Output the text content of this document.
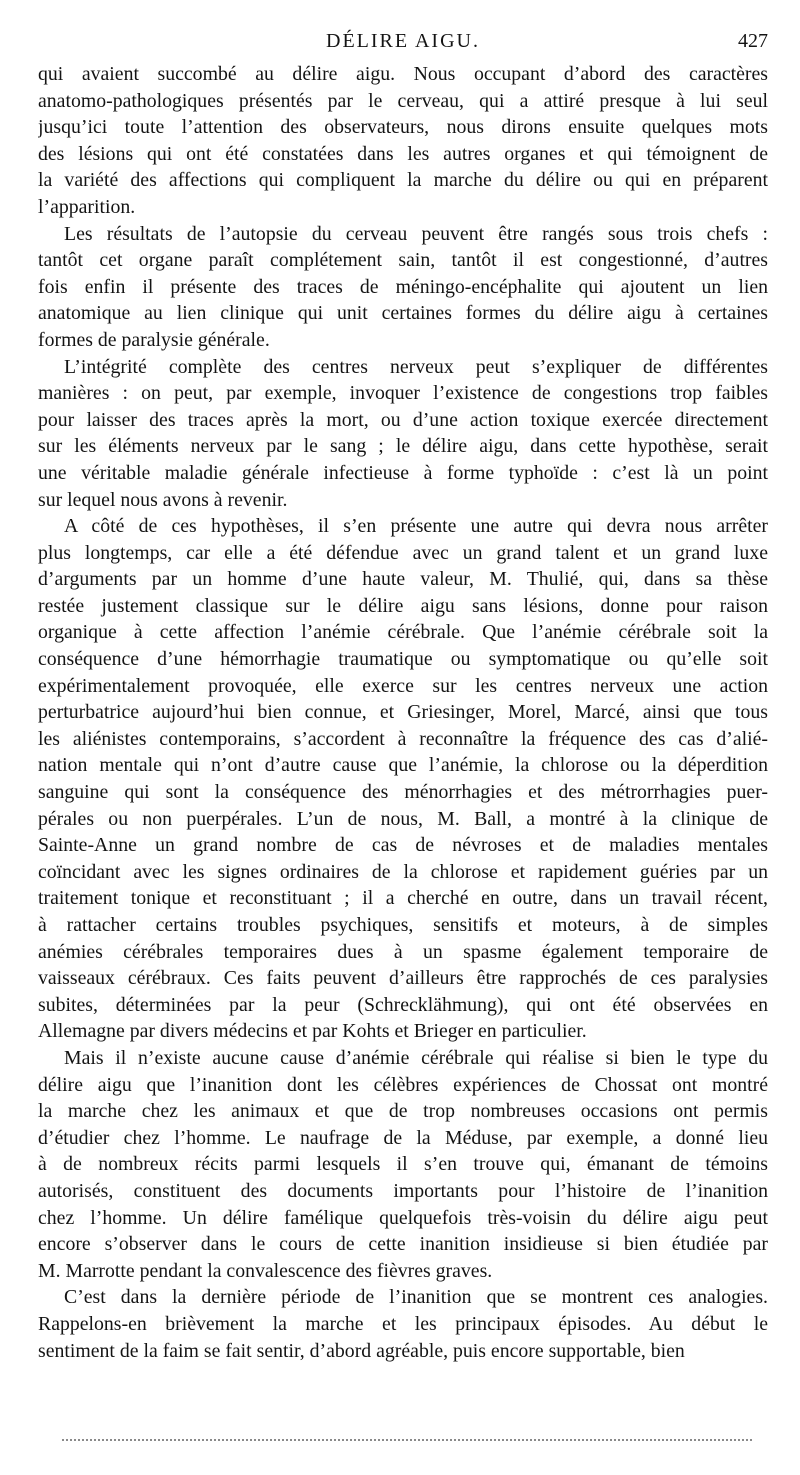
DÉLIRE AIGU.	427
qui avaient succombé au délire aigu. Nous occupant d’abord des caractères
anatomo-pathologiques présentés par le cerveau, qui a attiré presque à lui seul
jusqu’ici toute l’attention des observateurs, nous dirons ensuite quelques mots
des lésions qui ont été constatées dans les autres organes et qui témoignent de
la variété des affections qui compliquent la marche du délire ou qui en préparent
l’apparition.
Les résultats de l’autopsie du cerveau peuvent être rangés sous trois chefs :
tantôt cet organe paraît complétement sain, tantôt il est congestionné, d’autres
fois enfin il présente des traces de méningo-encéphalite qui ajoutent un lien
anatomique au lien clinique qui unit certaines formes du délire aigu à certaines
formes de paralysie générale.
L’intégrité complète des centres nerveux peut s’expliquer de différentes
manières : on peut, par exemple, invoquer l’existence de congestions trop faibles
pour laisser des traces après la mort, ou d’une action toxique exercée directement
sur les éléments nerveux par le sang ; le délire aigu, dans cette hypothèse, serait
une véritable maladie générale infectieuse à forme typhoïde : c’est là un point
sur lequel nous avons à revenir.
A côté de ces hypothèses, il s’en présente une autre qui devra nous arrêter
plus longtemps, car elle a été défendue avec un grand talent et un grand luxe
d’arguments par un homme d’une haute valeur, M. Thulié, qui, dans sa thèse
restée justement classique sur le délire aigu sans lésions, donne pour raison
organique à cette affection l’anémie cérébrale. Que l’anémie cérébrale soit la
conséquence d’une hémorrhagie traumatique ou symptomatique ou qu’elle soit
expérimentalement provoquée, elle exerce sur les centres nerveux une action
perturbatrice aujourd’hui bien connue, et Griesinger, Morel, Marcé, ainsi que tous
les aliénistes contemporains, s’accordent à reconnaître la fréquence des cas d’alié-
nation mentale qui n’ont d’autre cause que l’anémie, la chlorose ou la déperdition
sanguine qui sont la conséquence des ménorrhagies et des métrorrhagies puer-
pérales ou non puerpérales. L’un de nous, M. Ball, a montré à la clinique de
Sainte-Anne un grand nombre de cas de névroses et de maladies mentales
coïncidant avec les signes ordinaires de la chlorose et rapidement guéries par un
traitement tonique et reconstituant ; il a cherché en outre, dans un travail récent,
à rattacher certains troubles psychiques, sensitifs et moteurs, à de simples
anémies cérébrales temporaires dues à un spasme également temporaire de
vaisseaux cérébraux. Ces faits peuvent d’ailleurs être rapprochés de ces paralysies
subites, déterminées par la peur (Schrecklähmung), qui ont été observées en
Allemagne par divers médecins et par Kohts et Brieger en particulier.
Mais il n’existe aucune cause d’anémie cérébrale qui réalise si bien le type du
délire aigu que l’inanition dont les célèbres expériences de Chossat ont montré
la marche chez les animaux et que de trop nombreuses occasions ont permis
d’étudier chez l’homme. Le naufrage de la Méduse, par exemple, a donné lieu
à de nombreux récits parmi lesquels il s’en trouve qui, émanant de témoins
autorisés, constituent des documents importants pour l’histoire de l’inanition
chez l’homme. Un délire famélique quelquefois très-voisin du délire aigu peut
encore s’observer dans le cours de cette inanition insidieuse si bien étudiée par
M. Marrotte pendant la convalescence des fièvres graves.
C’est dans la dernière période de l’inanition que se montrent ces analogies.
Rappelons-en brièvement la marche et les principaux épisodes. Au début le
sentiment de la faim se fait sentir, d’abord agréable, puis encore supportable, bien
